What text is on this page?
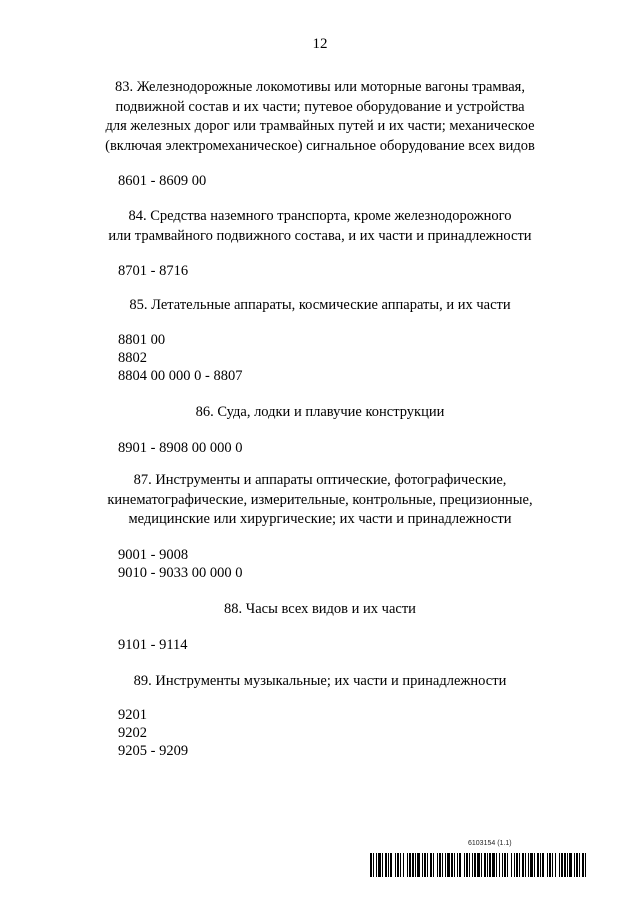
12
83. Железнодорожные локомотивы или моторные вагоны трамвая,
подвижной состав и их части; путевое оборудование и устройства
для железных дорог или трамвайных путей и их части; механическое
(включая электромеханическое) сигнальное оборудование всех видов
8601 - 8609 00
84. Средства наземного транспорта, кроме железнодорожного
или трамвайного подвижного состава, и их части и принадлежности
8701 - 8716
85. Летательные аппараты, космические аппараты, и их части
8801 00
8802
8804 00 000 0 - 8807
86. Суда, лодки и плавучие конструкции
8901 - 8908 00 000 0
87. Инструменты и аппараты оптические, фотографические,
кинематографические, измерительные, контрольные, прецизионные,
медицинские или хирургические; их части и принадлежности
9001 - 9008
9010 - 9033 00 000 0
88. Часы всех видов и их части
9101 - 9114
89. Инструменты музыкальные; их части и принадлежности
9201
9202
9205 - 9209
6103154 (1.1)
